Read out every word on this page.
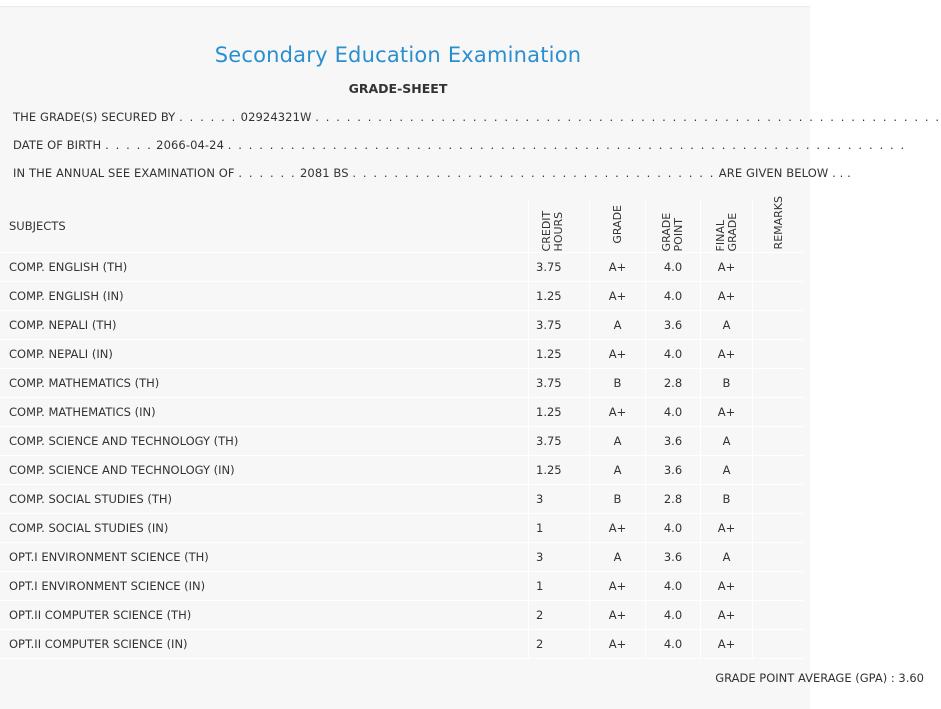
Secondary Education Examination
GRADE-SHEET
THE GRADE(S) SECURED BY . . . . . . 02924321W . . . . . . . . . . . . . . . . . . . . . . . . . . . . . . . . . . . . . . . . . . . . . . . . . . . . . . . . . . . .
DATE OF BIRTH . . . . . 2066-04-24 . . . . . . . . . . . . . . . . . . . . . . . . . . . . . . . . . . . . . . . . . . . . . . . . . . . . . . . . . . . . . . . . .
IN THE ANNUAL SEE EXAMINATION OF . . . . . . 2081 BS . . . . . . . . . . . . . . . . . . . . . . . . . . . . . . . . . . . ARE GIVEN BELOW . . .
SUBJECTS	CREDIT HOURS	GRADE	GRADE POINT	FINAL GRADE	REMARKS
COMP. ENGLISH (TH)	3.75	A+	4.0	A+	
COMP. ENGLISH (IN)	1.25	A+	4.0	A+	
COMP. NEPALI (TH)	3.75	A	3.6	A	
COMP. NEPALI (IN)	1.25	A+	4.0	A+	
COMP. MATHEMATICS (TH)	3.75	B	2.8	B	
COMP. MATHEMATICS (IN)	1.25	A+	4.0	A+	
COMP. SCIENCE AND TECHNOLOGY (TH)	3.75	A	3.6	A	
COMP. SCIENCE AND TECHNOLOGY (IN)	1.25	A	3.6	A	
COMP. SOCIAL STUDIES (TH)	3	B	2.8	B	
COMP. SOCIAL STUDIES (IN)	1	A+	4.0	A+	
OPT.I ENVIRONMENT SCIENCE (TH)	3	A	3.6	A	
OPT.I ENVIRONMENT SCIENCE (IN)	1	A+	4.0	A+	
OPT.II COMPUTER SCIENCE (TH)	2	A+	4.0	A+	
OPT.II COMPUTER SCIENCE (IN)	2	A+	4.0	A+	
GRADE POINT AVERAGE (GPA) : 3.60
